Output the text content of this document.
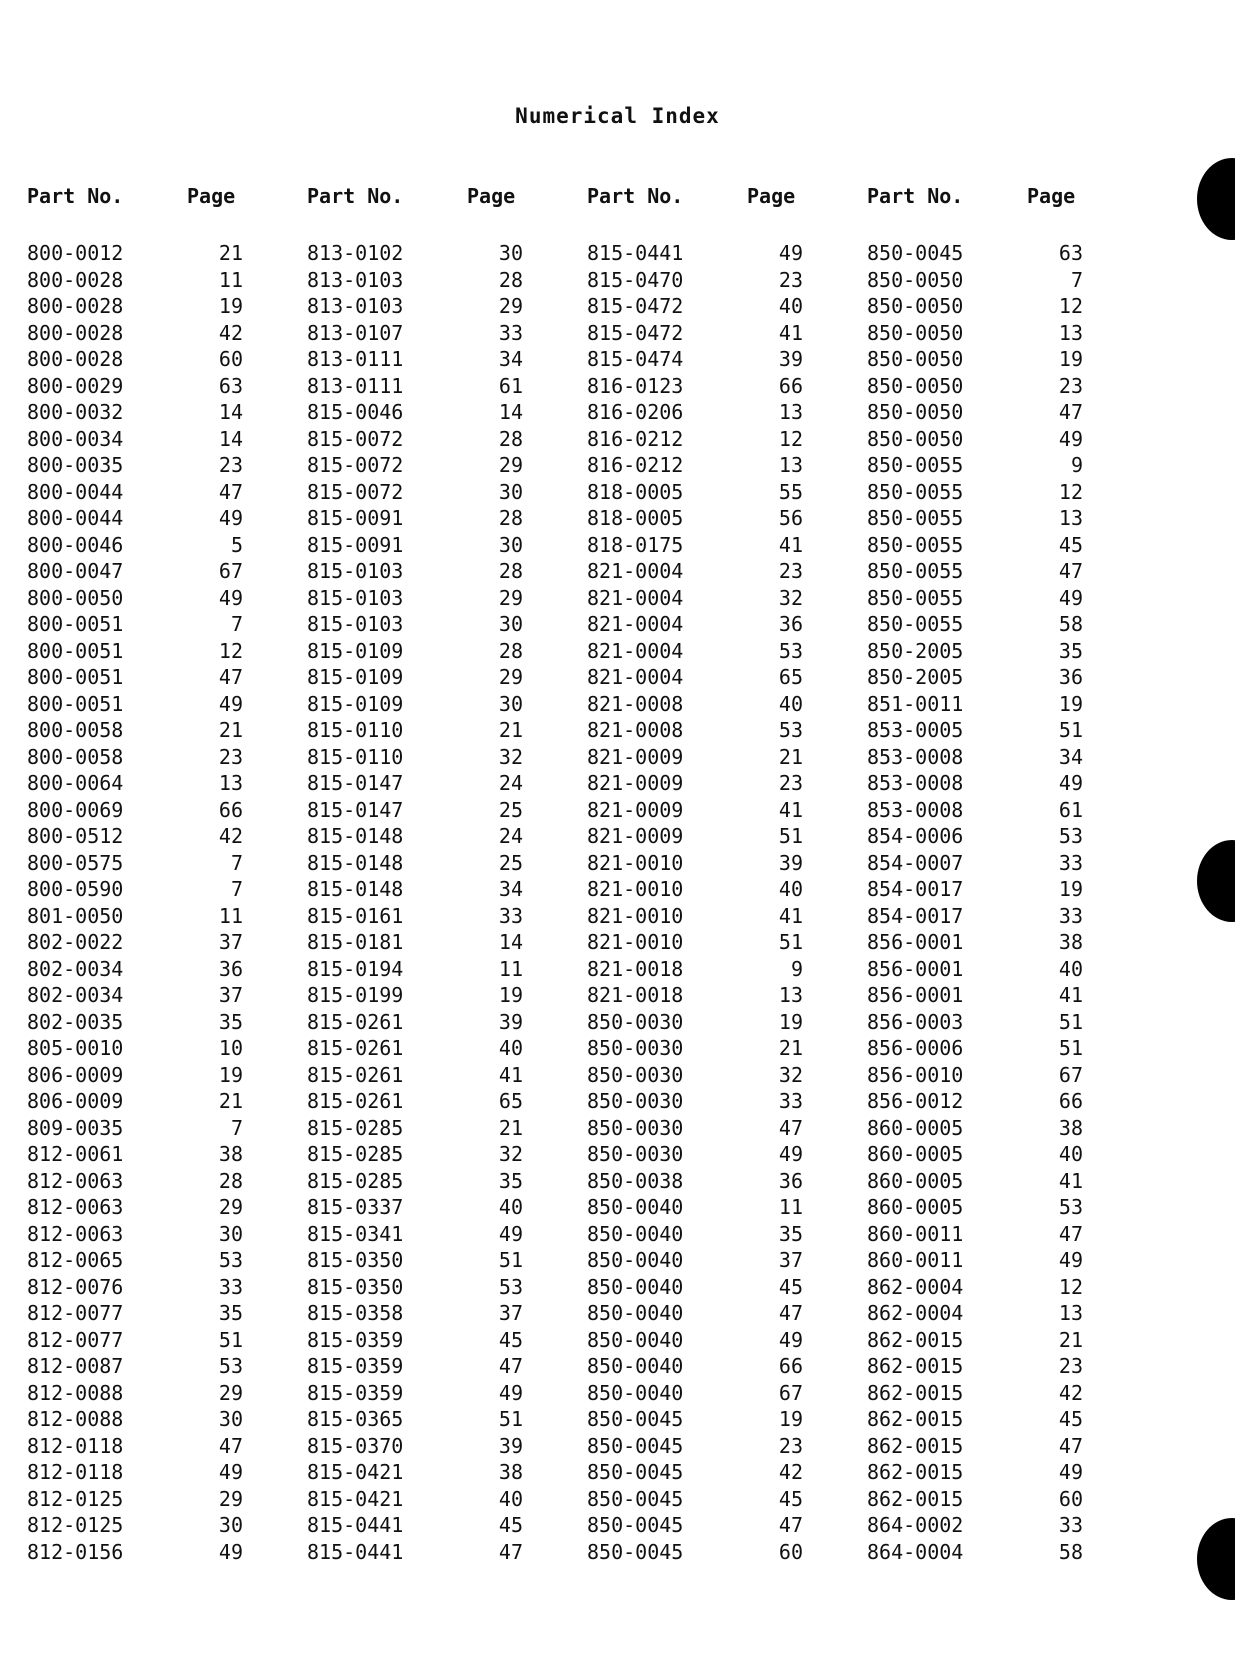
Numerical Index
Part No.	Page
800-0012	21
800-0028	11
800-0028	19
800-0028	42
800-0028	60
800-0029	63
800-0032	14
800-0034	14
800-0035	23
800-0044	47
800-0044	49
800-0046	5
800-0047	67
800-0050	49
800-0051	7
800-0051	12
800-0051	47
800-0051	49
800-0058	21
800-0058	23
800-0064	13
800-0069	66
800-0512	42
800-0575	7
800-0590	7
801-0050	11
802-0022	37
802-0034	36
802-0034	37
802-0035	35
805-0010	10
806-0009	19
806-0009	21
809-0035	7
812-0061	38
812-0063	28
812-0063	29
812-0063	30
812-0065	53
812-0076	33
812-0077	35
812-0077	51
812-0087	53
812-0088	29
812-0088	30
812-0118	47
812-0118	49
812-0125	29
812-0125	30
812-0156	49
Part No.	Page
813-0102	30
813-0103	28
813-0103	29
813-0107	33
813-0111	34
813-0111	61
815-0046	14
815-0072	28
815-0072	29
815-0072	30
815-0091	28
815-0091	30
815-0103	28
815-0103	29
815-0103	30
815-0109	28
815-0109	29
815-0109	30
815-0110	21
815-0110	32
815-0147	24
815-0147	25
815-0148	24
815-0148	25
815-0148	34
815-0161	33
815-0181	14
815-0194	11
815-0199	19
815-0261	39
815-0261	40
815-0261	41
815-0261	65
815-0285	21
815-0285	32
815-0285	35
815-0337	40
815-0341	49
815-0350	51
815-0350	53
815-0358	37
815-0359	45
815-0359	47
815-0359	49
815-0365	51
815-0370	39
815-0421	38
815-0421	40
815-0441	45
815-0441	47
Part No.	Page
815-0441	49
815-0470	23
815-0472	40
815-0472	41
815-0474	39
816-0123	66
816-0206	13
816-0212	12
816-0212	13
818-0005	55
818-0005	56
818-0175	41
821-0004	23
821-0004	32
821-0004	36
821-0004	53
821-0004	65
821-0008	40
821-0008	53
821-0009	21
821-0009	23
821-0009	41
821-0009	51
821-0010	39
821-0010	40
821-0010	41
821-0010	51
821-0018	9
821-0018	13
850-0030	19
850-0030	21
850-0030	32
850-0030	33
850-0030	47
850-0030	49
850-0038	36
850-0040	11
850-0040	35
850-0040	37
850-0040	45
850-0040	47
850-0040	49
850-0040	66
850-0040	67
850-0045	19
850-0045	23
850-0045	42
850-0045	45
850-0045	47
850-0045	60
Part No.	Page
850-0045	63
850-0050	7
850-0050	12
850-0050	13
850-0050	19
850-0050	23
850-0050	47
850-0050	49
850-0055	9
850-0055	12
850-0055	13
850-0055	45
850-0055	47
850-0055	49
850-0055	58
850-2005	35
850-2005	36
851-0011	19
853-0005	51
853-0008	34
853-0008	49
853-0008	61
854-0006	53
854-0007	33
854-0017	19
854-0017	33
856-0001	38
856-0001	40
856-0001	41
856-0003	51
856-0006	51
856-0010	67
856-0012	66
860-0005	38
860-0005	40
860-0005	41
860-0005	53
860-0011	47
860-0011	49
862-0004	12
862-0004	13
862-0015	21
862-0015	23
862-0015	42
862-0015	45
862-0015	47
862-0015	49
862-0015	60
864-0002	33
864-0004	58
